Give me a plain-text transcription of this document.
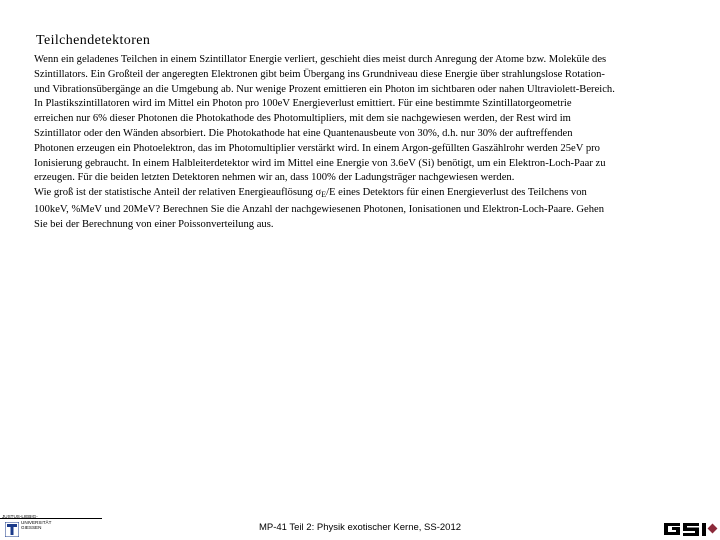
Teilchendetektoren
Wenn ein geladenes Teilchen in einem Szintillator Energie verliert, geschieht dies meist durch Anregung der Atome bzw. Moleküle des
Szintillators. Ein Großteil der angeregten Elektronen gibt beim Übergang ins Grundniveau diese Energie über strahlungslose Rotation-
und Vibrationsübergänge an die Umgebung ab. Nur wenige Prozent emittieren ein Photon im sichtbaren oder nahen Ultraviolett-Bereich.
In Plastikszintillatoren wird im Mittel ein Photon pro 100eV Energieverlust emittiert. Für eine bestimmte Szintillatorgeometrie
erreichen nur 6% dieser Photonen die Photokathode des Photomultipliers, mit dem sie nachgewiesen werden, der Rest wird im
Szintillator oder den Wänden absorbiert. Die Photokathode hat eine Quantenausbeute von 30%, d.h. nur 30% der auftreffenden
Photonen erzeugen ein Photoelektron, das im Photomultiplier verstärkt wird. In einem Argon-gefüllten Gaszählrohr werden 25eV pro
Ionisierung gebraucht. In einem Halbleiterdetektor wird im Mittel eine Energie von 3.6eV (Si) benötigt, um ein Elektron-Loch-Paar zu
erzeugen. Für die beiden letzten Detektoren nehmen wir an, dass 100% der Ladungsträger nachgewiesen werden.
Wie groß ist der statistische Anteil der relativen Energieauflösung $\sigma_E/E$ eines Detektors für einen Energieverlust des Teilchens von
100keV, %MeV und 20MeV? Berechnen Sie die Anzahl der nachgewiesenen Photonen, Ionisationen und Elektron-Loch-Paare. Gehen
Sie bei der Berechnung von einer Poissonverteilung aus.
JUSTUS-LIEBIG-
UNIVERSITÄT
GIESSEN	MP-41 Teil 2: Physik exotischer Kerne, SS-2012
